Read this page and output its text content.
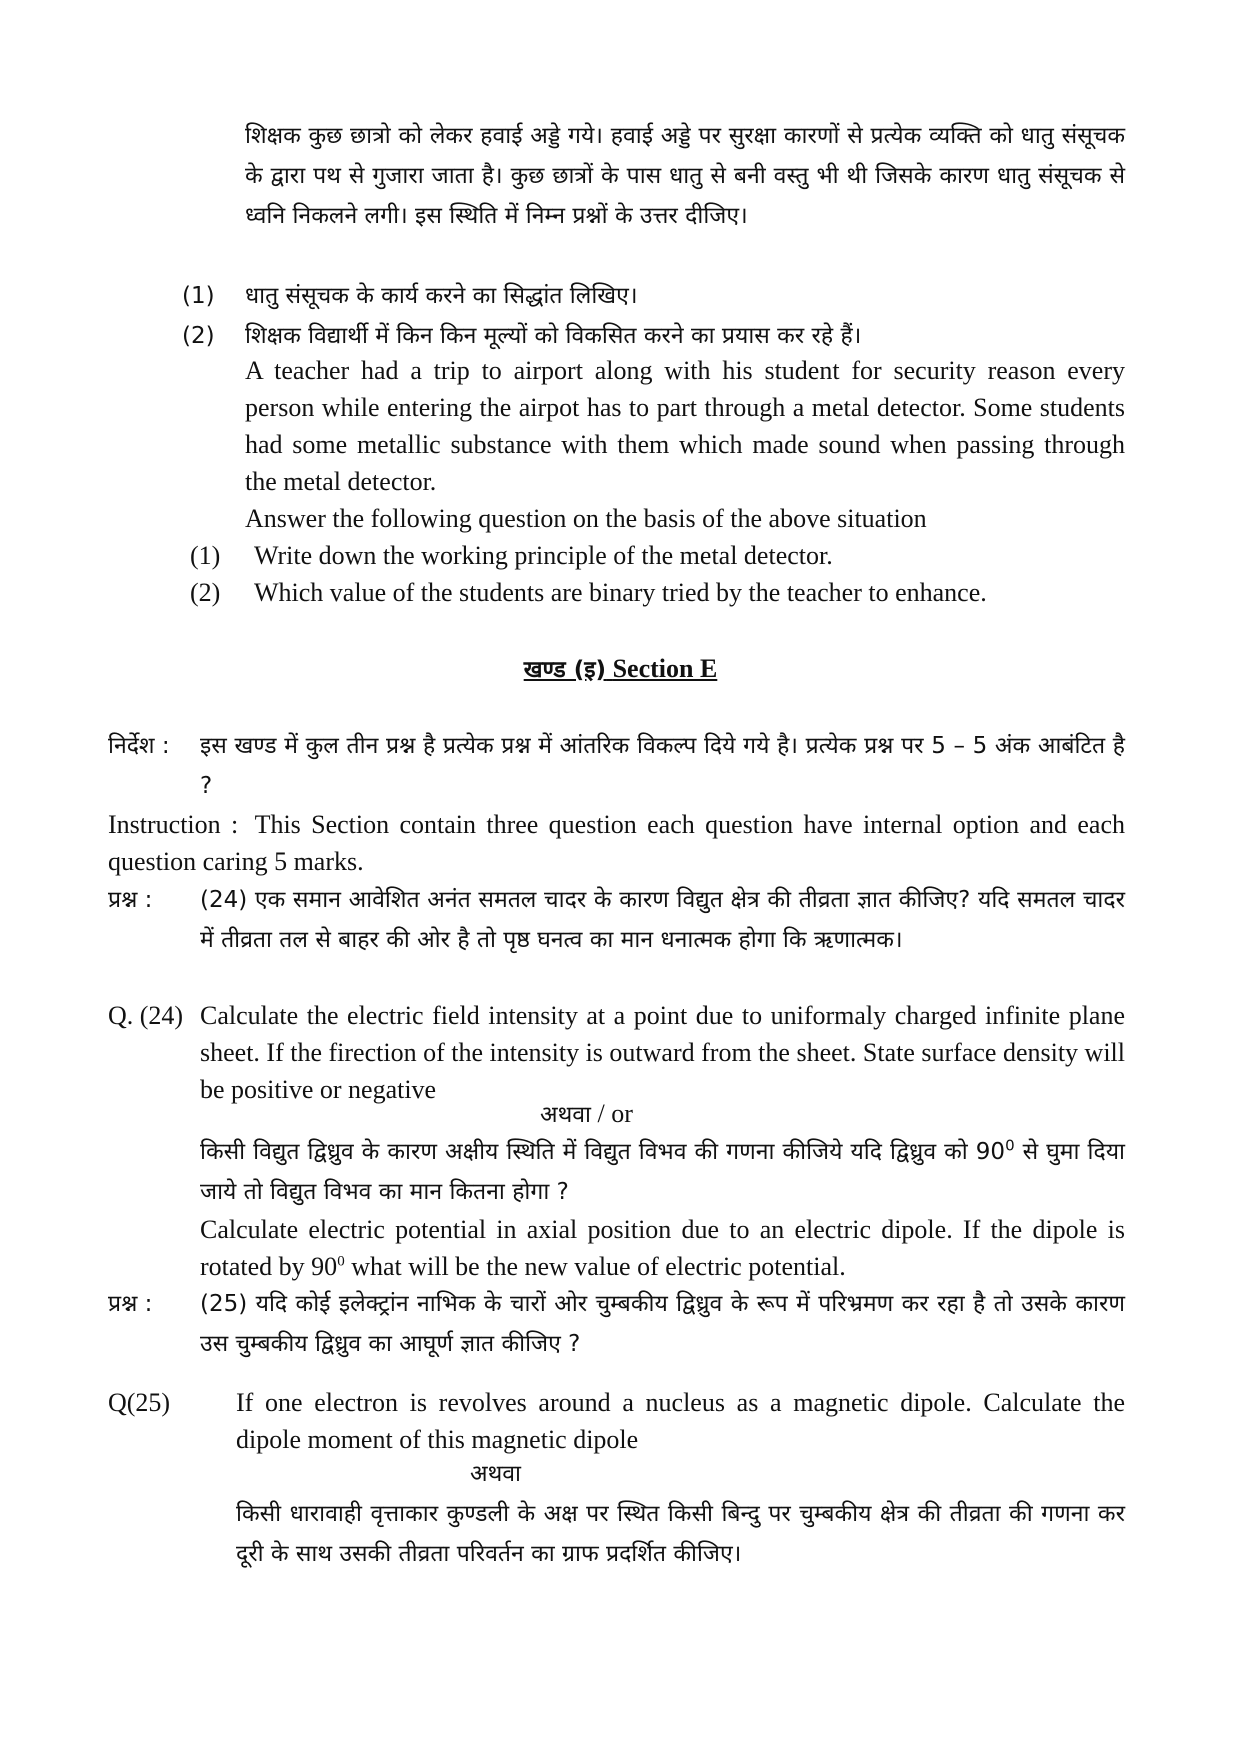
शिक्षक कुछ छात्रो को लेकर हवाई अड्डे गये। हवाई अड्डे पर सुरक्षा कारणों से प्रत्येक व्यक्ति को धातु संसूचक के द्वारा पथ से गुजारा जाता है। कुछ छात्रों के पास धातु से बनी वस्तु भी थी जिसके कारण धातु संसूचक से ध्वनि निकलने लगी। इस स्थिति में निम्न प्रश्नों के उत्तर दीजिए।

(1)	धातु संसूचक के कार्य करने का सिद्धांत लिखिए।
(2)	शिक्षक विद्यार्थी में किन किन मूल्यों को विकसित करने का प्रयास कर रहे हैं।

A teacher had a trip to airport along with his student for security reason every person while entering the airpot has to part through a metal detector. Some students had some metallic substance with them which made sound when passing through the metal detector.

Answer the following question on the basis of the above situation

(1)	Write down the working principle of the metal detector.
(2)	Which value of the students are binary tried by the teacher to enhance.
खण्ड (इ) Section E
निर्देश :	इस खण्ड में कुल तीन प्रश्न है प्रत्येक प्रश्न में आंतरिक विकल्प दिये गये है। प्रत्येक प्रश्न पर 5 – 5 अंक आबंटित है ?
Instruction : This Section contain three question each question have internal option and each question caring 5 marks.
प्रश्न :	(24) एक समान आवेशित अनंत समतल चादर के कारण विद्युत क्षेत्र की तीव्रता ज्ञात कीजिए? यदि समतल चादर में तीव्रता तल से बाहर की ओर है तो पृष्ठ घनत्व का मान धनात्मक होगा कि ऋणात्मक।
Q. (24) Calculate the electric field intensity at a point due to uniformaly charged infinite plane sheet. If the firection of the intensity is outward from the sheet. State surface density will be positive or negative
अथवा / or

किसी विद्युत द्विध्रुव के कारण अक्षीय स्थिति में विद्युत विभव की गणना कीजिये यदि द्विध्रुव को $90^0$ से घुमा दिया जाये तो विद्युत विभव का मान कितना होगा ?

Calculate electric potential in axial position due to an electric dipole. If the dipole is rotated by $90^0$ what will be the new value of electric potential.

प्रश्न :	(25) यदि कोई इलेक्ट्रांन नाभिक के चारों ओर चुम्बकीय द्विध्रुव के रूप में परिभ्रमण कर रहा है तो उसके कारण उस चुम्बकीय द्विध्रुव का आघूर्ण ज्ञात कीजिए ?
Q(25)	If one electron is revolves around a nucleus as a magnetic dipole. Calculate the dipole moment of this magnetic dipole
अथवा

किसी धारावाही वृत्ताकार कुण्डली के अक्ष पर स्थित किसी बिन्दु पर चुम्बकीय क्षेत्र की तीव्रता की गणना कर दूरी के साथ उसकी तीव्रता परिवर्तन का ग्राफ प्रदर्शित कीजिए।
